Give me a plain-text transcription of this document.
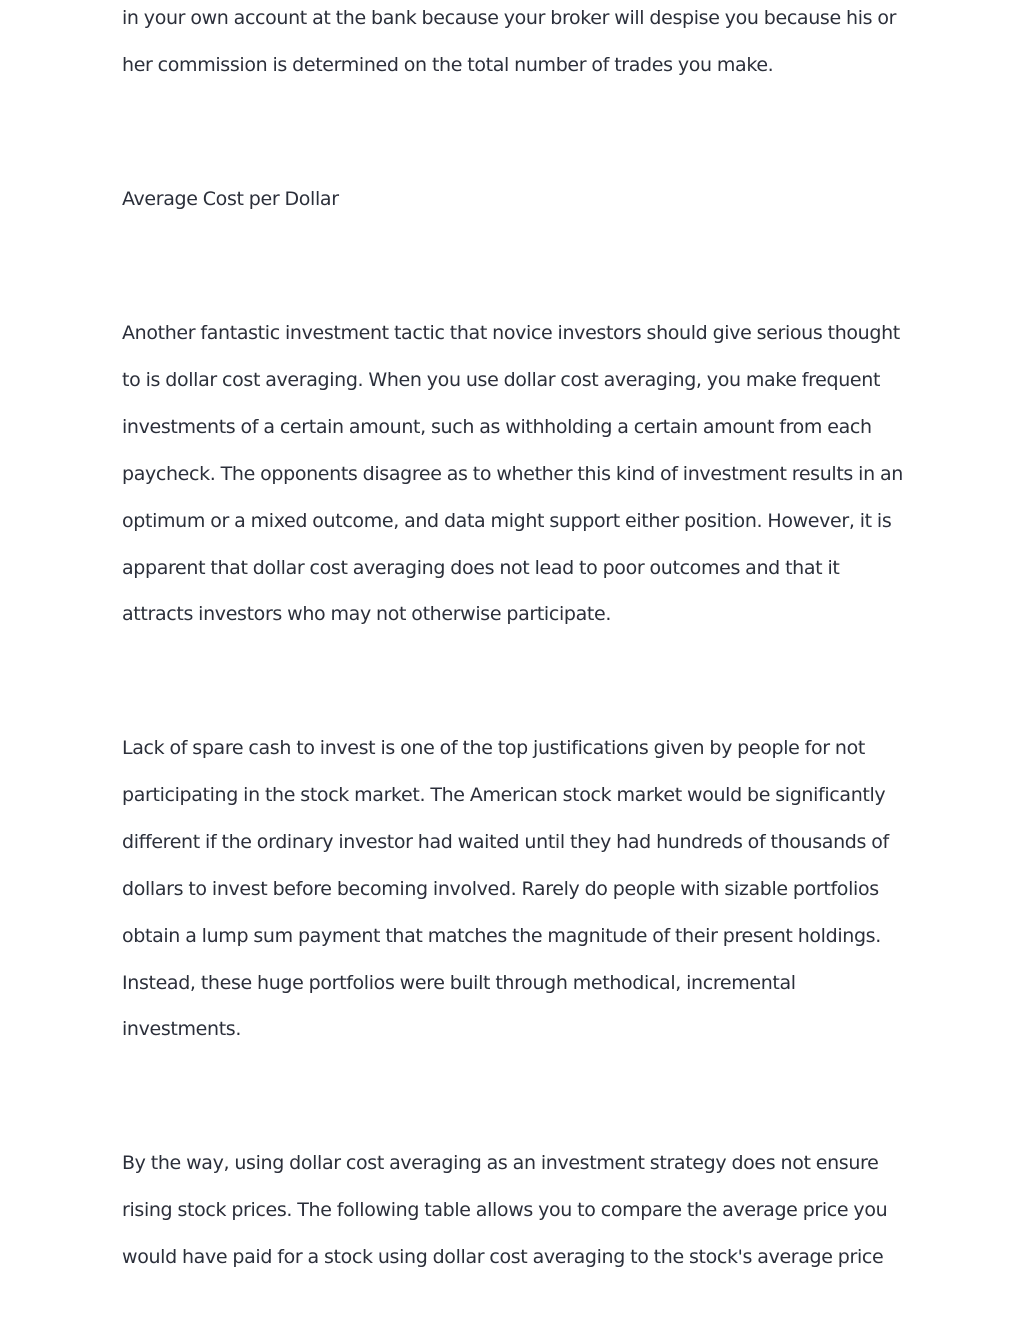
in your own account at the bank because your broker will despise you because his or

her commission is determined on the total number of trades you make.

Average Cost per Dollar

Another fantastic investment tactic that novice investors should give serious thought

to is dollar cost averaging. When you use dollar cost averaging, you make frequent

investments of a certain amount, such as withholding a certain amount from each

paycheck. The opponents disagree as to whether this kind of investment results in an

optimum or a mixed outcome, and data might support either position. However, it is

apparent that dollar cost averaging does not lead to poor outcomes and that it

attracts investors who may not otherwise participate.

Lack of spare cash to invest is one of the top justifications given by people for not

participating in the stock market. The American stock market would be significantly

different if the ordinary investor had waited until they had hundreds of thousands of

dollars to invest before becoming involved. Rarely do people with sizable portfolios

obtain a lump sum payment that matches the magnitude of their present holdings.

Instead, these huge portfolios were built through methodical, incremental

investments.

By the way, using dollar cost averaging as an investment strategy does not ensure

rising stock prices. The following table allows you to compare the average price you

would have paid for a stock using dollar cost averaging to the stock's average price
